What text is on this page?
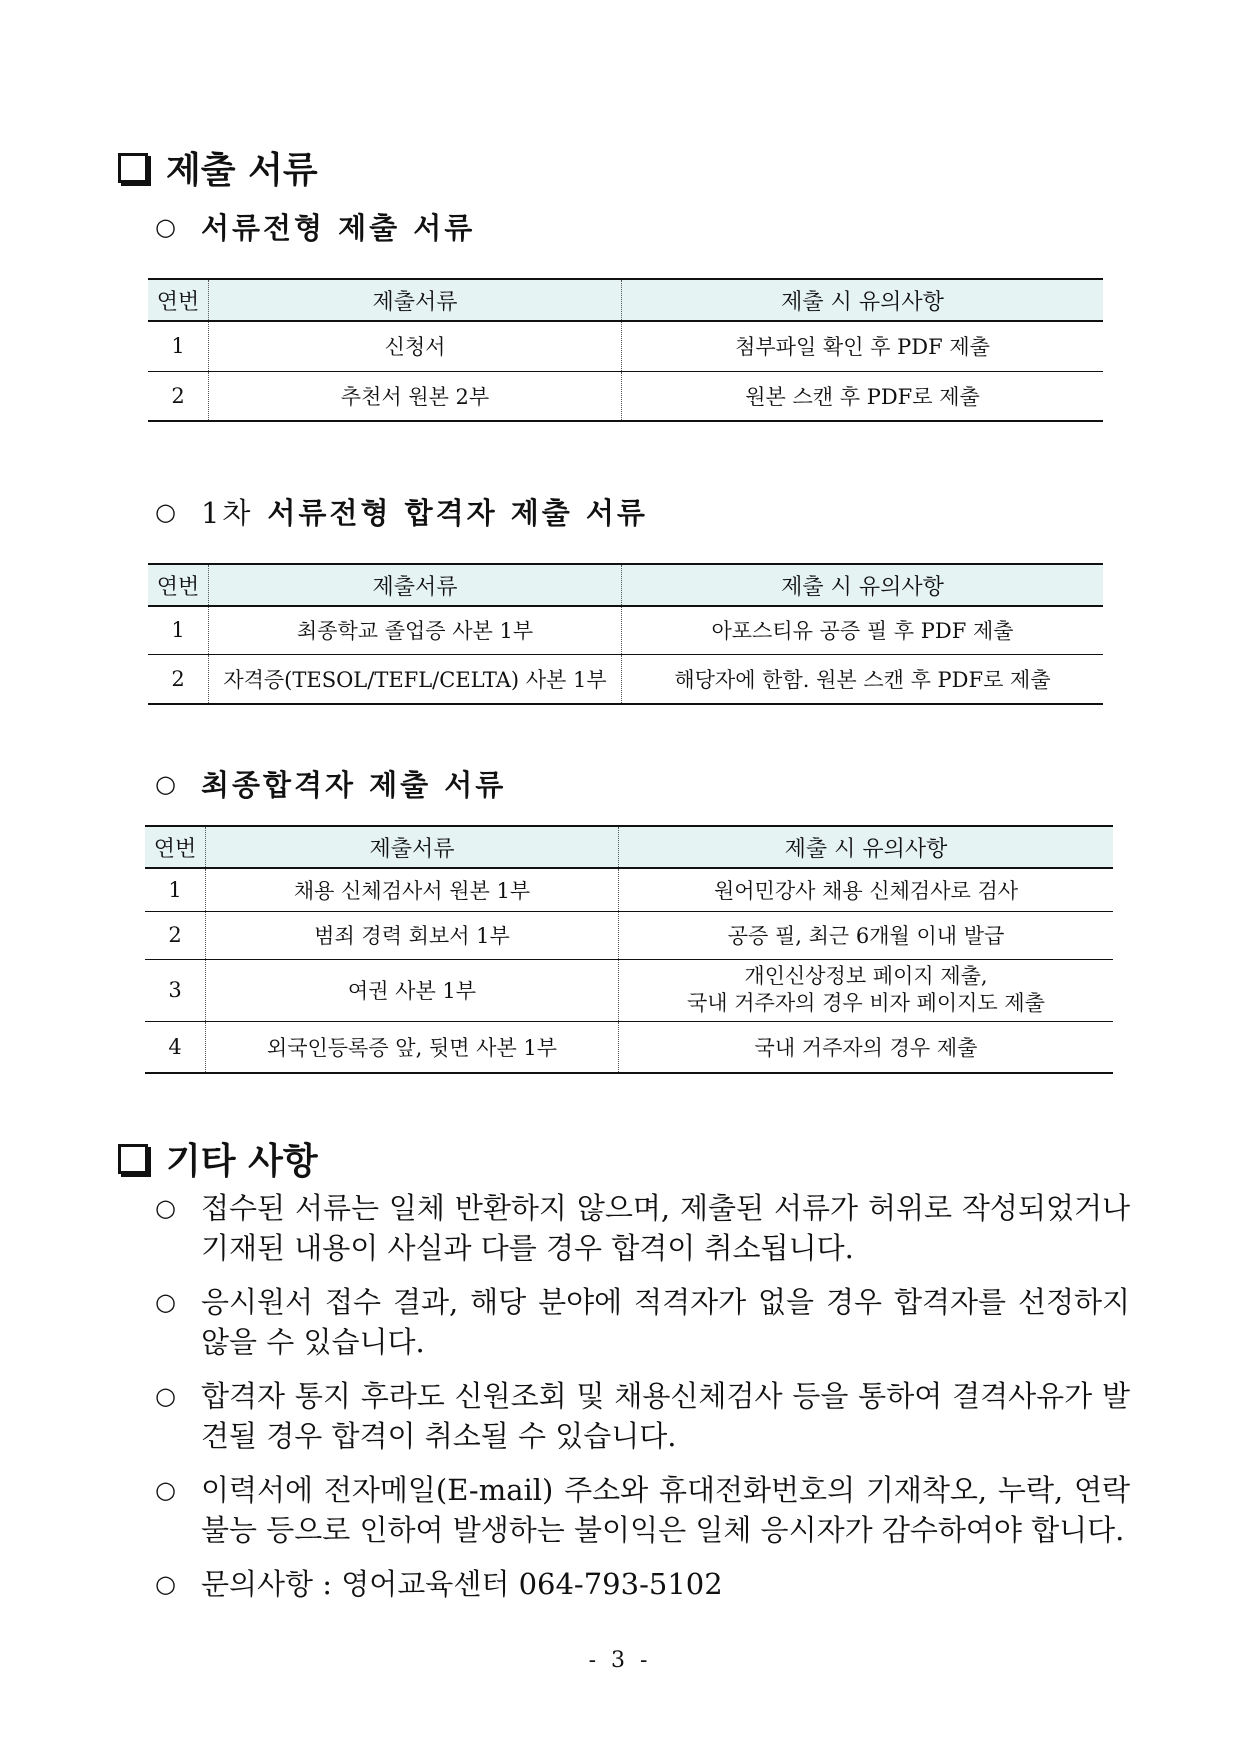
제출 서류
○ 서류전형 제출 서류
연번	제출서류	제출 시 유의사항
1	신청서	첨부파일 확인 후 PDF 제출
2	추천서 원본 2부	원본 스캔 후 PDF로 제출
○ 1차 서류전형 합격자 제출 서류
연번	제출서류	제출 시 유의사항
1	최종학교 졸업증 사본 1부	아포스티유 공증 필 후 PDF 제출
2	자격증(TESOL/TEFL/CELTA) 사본 1부	해당자에 한함. 원본 스캔 후 PDF로 제출
○ 최종합격자 제출 서류
연번	제출서류	제출 시 유의사항
1	채용 신체검사서 원본 1부	원어민강사 채용 신체검사로 검사
2	범죄 경력 회보서 1부	공증 필, 최근 6개월 이내 발급
3	여권 사본 1부	개인신상정보 페이지 제출,
국내 거주자의 경우 비자 페이지도 제출

4	외국인등록증 앞, 뒷면 사본 1부	국내 거주자의 경우 제출
기타 사항
○ 접수된 서류는 일체 반환하지 않으며, 제출된 서류가 허위로 작성되었거나 기재된 내용이 사실과 다를 경우 합격이 취소됩니다.
○ 응시원서 접수 결과, 해당 분야에 적격자가 없을 경우 합격자를 선정하지 않을 수 있습니다.
○ 합격자 통지 후라도 신원조회 및 채용신체검사 등을 통하여 결격사유가 발견될 경우 합격이 취소될 수 있습니다.
○ 이력서에 전자메일(E-mail) 주소와 휴대전화번호의 기재착오, 누락, 연락 불능 등으로 인하여 발생하는 불이익은 일체 응시자가 감수하여야 합니다.
○ 문의사항 : 영어교육센터 064-793-5102
- 3 -
